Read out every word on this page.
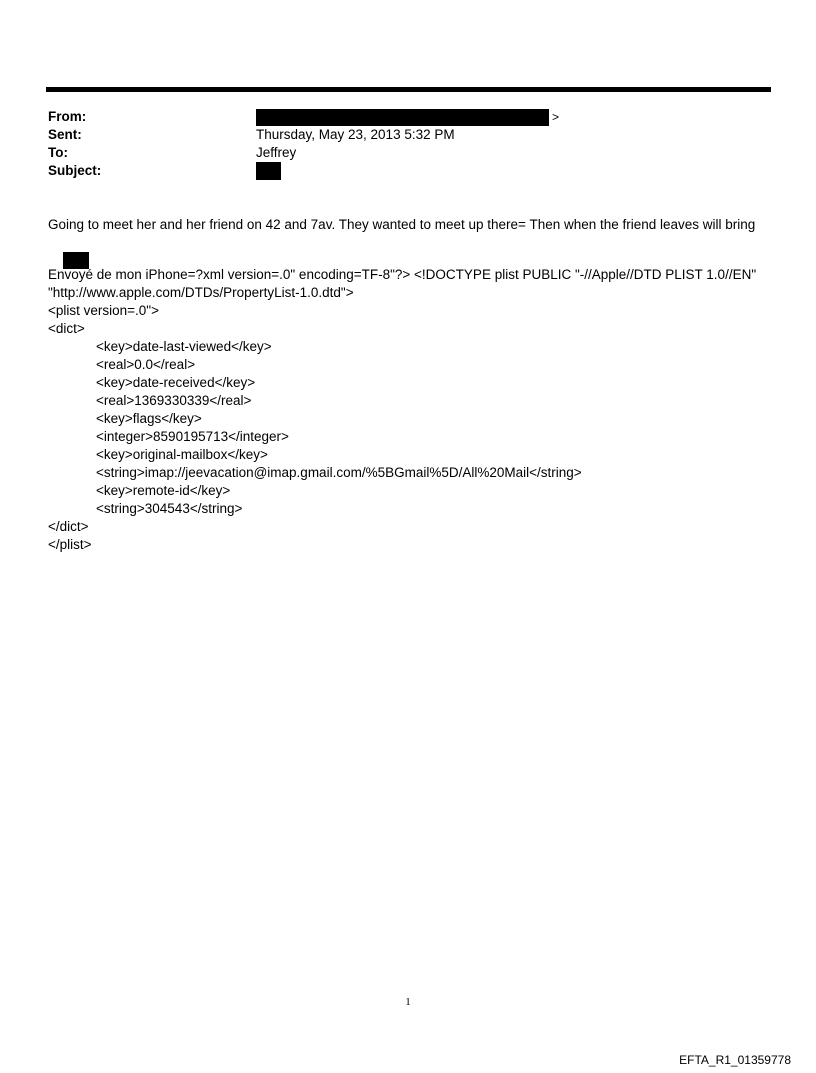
From:	>
Sent:	Thursday, May 23, 2013 5:32 PM
To:	Jeffrey
Subject:
Going to meet her and her friend on 42 and 7av. They wanted to meet up there= Then when the friend leaves will bring

Envoyé de mon iPhone=?xml version=.0" encoding=TF-8"?> <!DOCTYPE plist PUBLIC "-//Apple//DTD PLIST 1.0//EN"
"http://www.apple.com/DTDs/PropertyList-1.0.dtd">
<plist version=.0">
<dict>
<key>date-last-viewed</key>
<real>0.0</real>
<key>date-received</key>
<real>1369330339</real>
<key>flags</key>
<integer>8590195713</integer>
<key>original-mailbox</key>
<string>imap://jeevacation@imap.gmail.com/%5BGmail%5D/All%20Mail</string>
<key>remote-id</key>
<string>304543</string>
</dict>
</plist>
1
EFTA_R1_01359778
